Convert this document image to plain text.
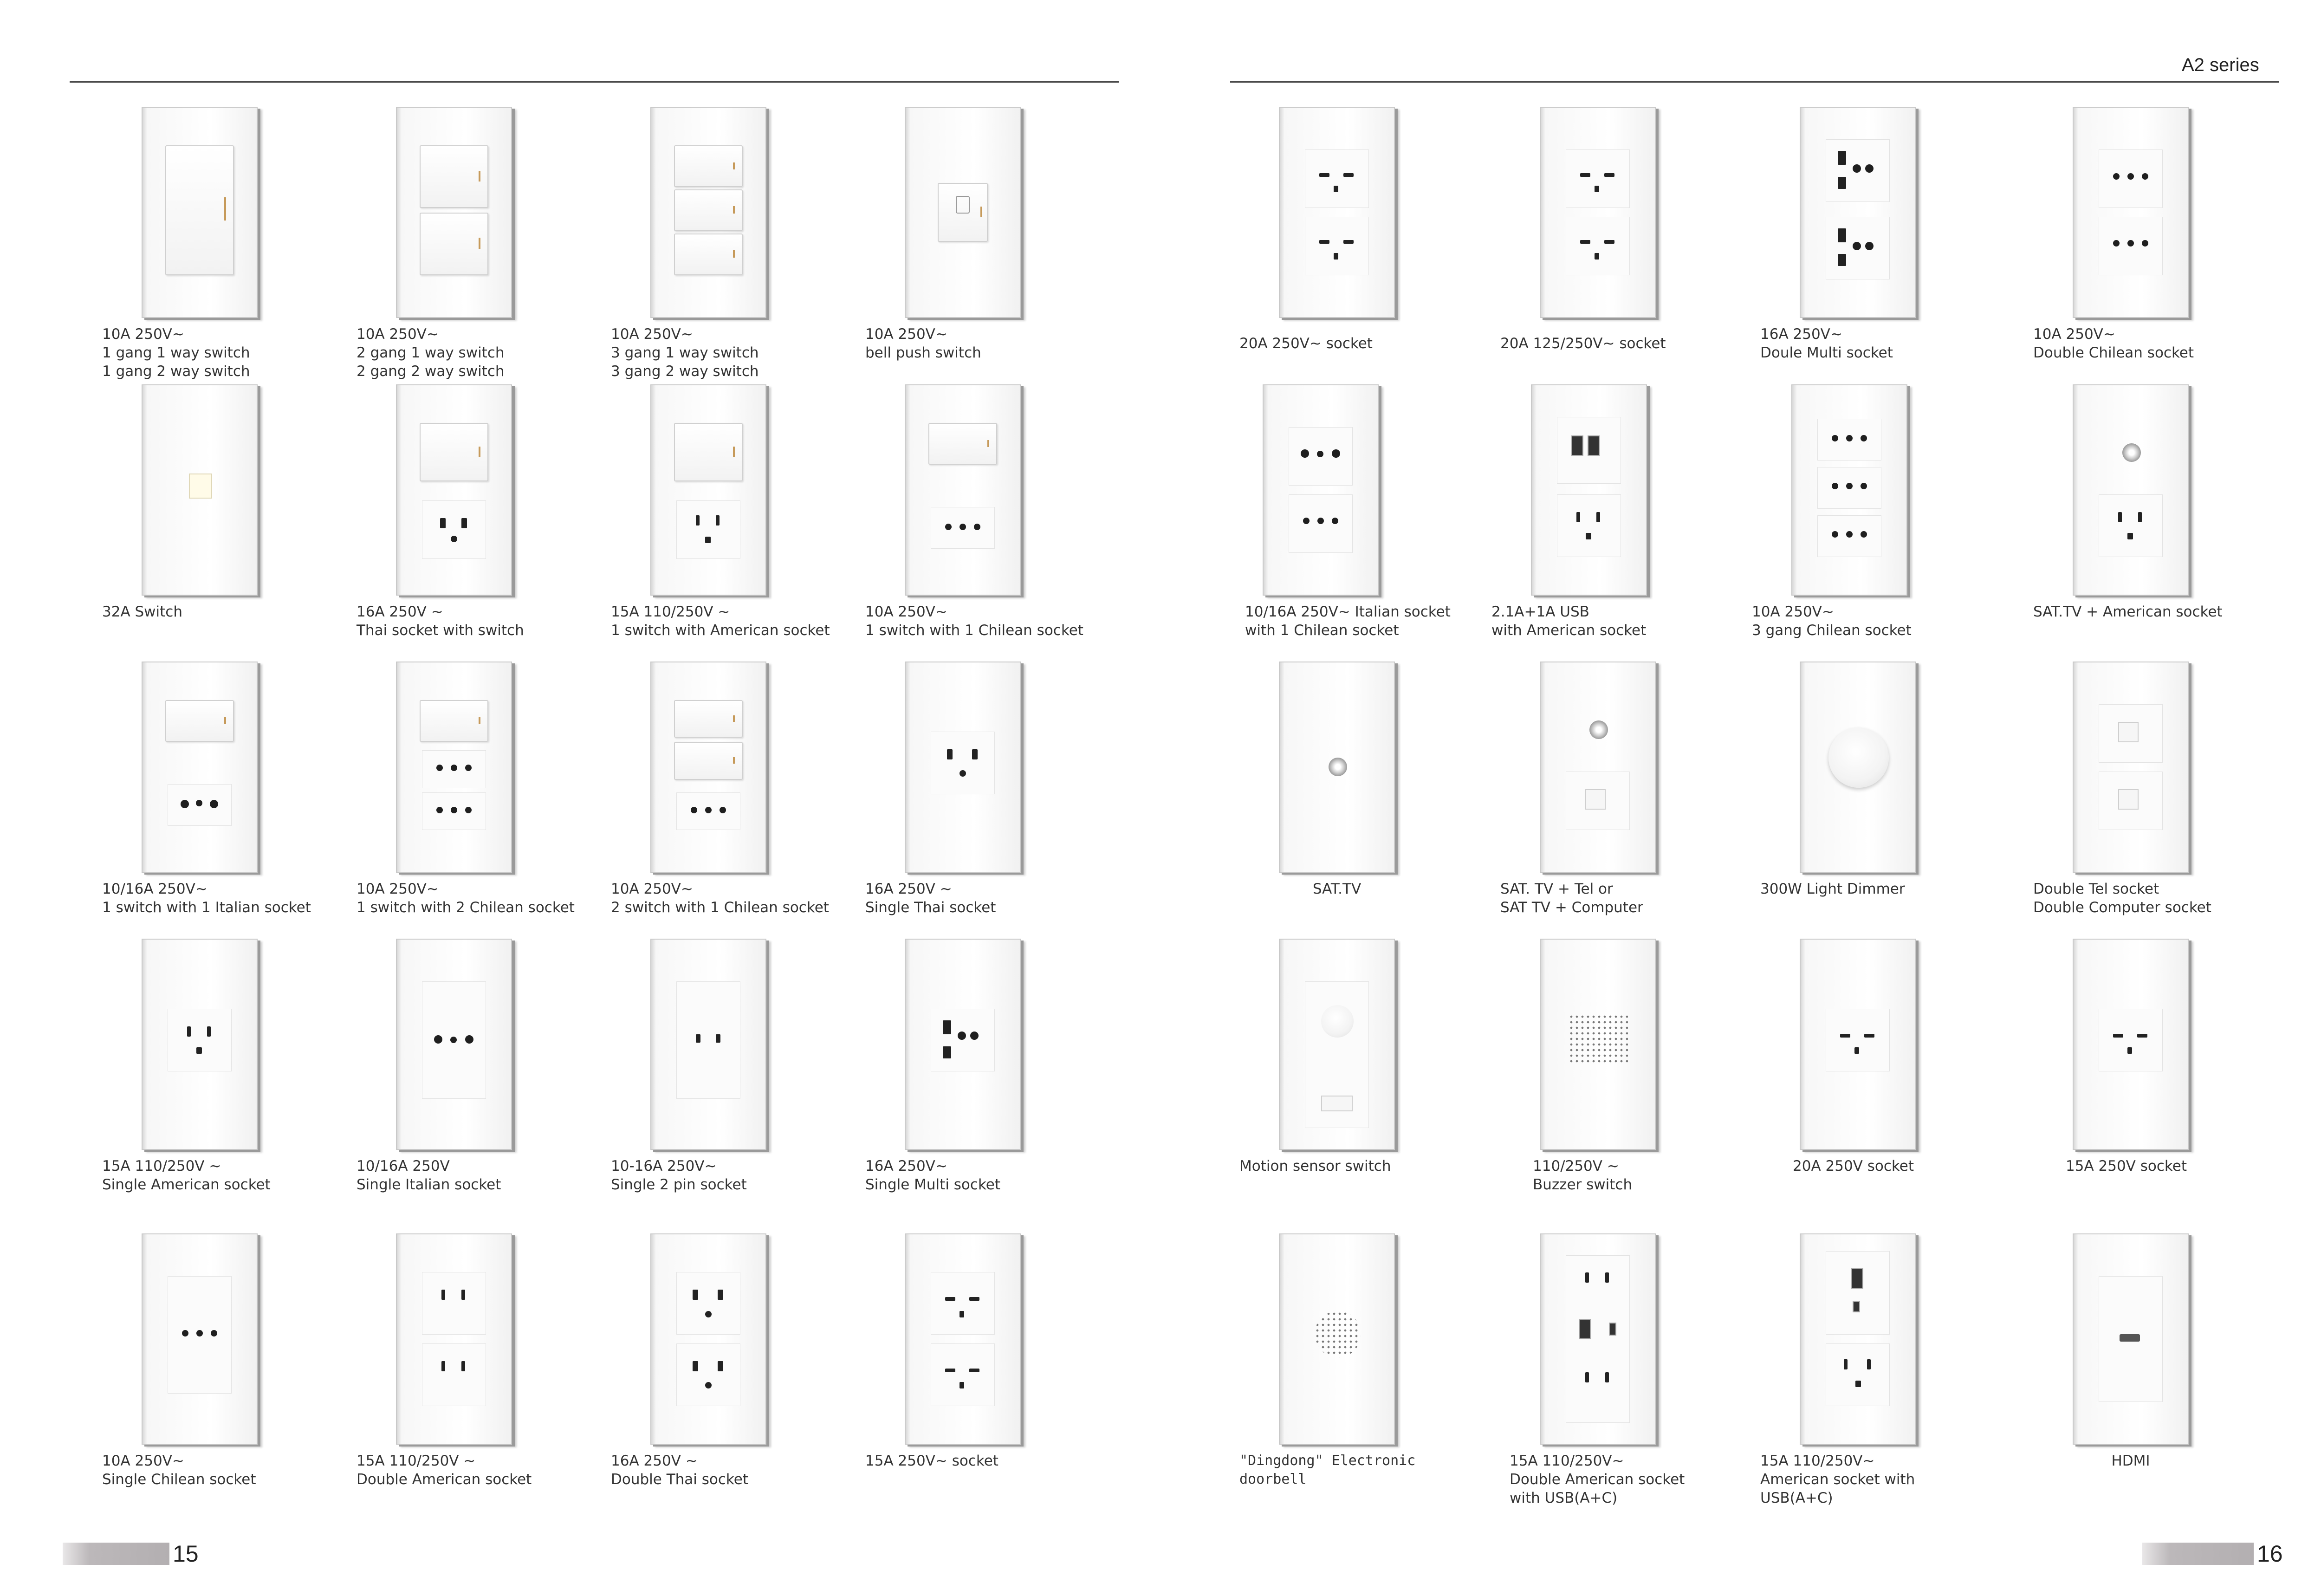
A2 series
10A 250V~
1 gang 1 way switch
1 gang 2 way switch
10A 250V~
2 gang 1 way switch
2 gang 2 way switch
10A 250V~
3 gang 1 way switch
3 gang 2 way switch
10A 250V~
bell push switch
32A Switch	16A 250V ~
Thai socket with switch
15A 110/250V ~
1 switch with American socket
10A 250V~
1 switch with 1 Chilean socket
10/16A 250V~
1 switch with 1 Italian socket
10A 250V~
1 switch with 2 Chilean socket
10A 250V~
2 switch with 1 Chilean socket
16A 250V ~
Single Thai socket
15A 110/250V ~
Single American socket
10/16A 250V
Single Italian socket
10-16A 250V~
Single 2 pin socket
16A 250V~
Single Multi socket
10A 250V~
Single Chilean socket
15A 110/250V ~
Double American socket
16A 250V ~
Double Thai socket
15A 250V~ socket
20A 250V~ socket	20A 125/250V~ socket
16A 250V~
Doule Multi socket
10A 250V~
Double Chilean socket
10/16A 250V~ Italian socket
with 1 Chilean socket
2.1A+1A USB
with American socket
10A 250V~
3 gang Chilean socket
SAT.TV + American socket
SAT.TV	SAT. TV + Tel or
SAT TV + Computer
300W Light Dimmer	Double Tel socket
Double Computer socket
Motion sensor switch	110/250V ~
Buzzer switch
20A 250V socket	15A 250V socket
"Dingdong" Electronic
doorbell
15A 110/250V~
Double American socket
with USB(A+C)
15A 110/250V~
American socket with
USB(A+C)
HDMI
15	16
